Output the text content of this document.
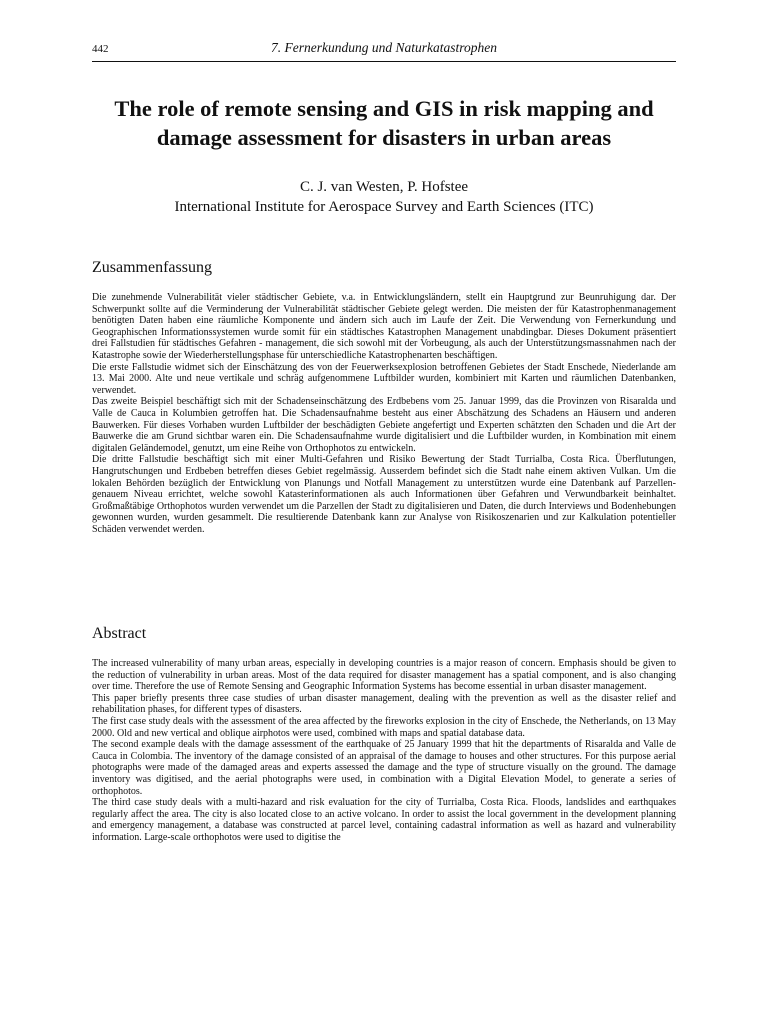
442	7. Fernerkundung und Naturkatastrophen
The role of remote sensing and GIS in risk mapping and damage assessment for disasters in urban areas
C. J. van Westen, P. Hofstee
International Institute for Aerospace Survey and Earth Sciences (ITC)
Zusammenfassung

Die zunehmende Vulnerabilität vieler städtischer Gebiete, v.a. in Entwicklungsländern, stellt ein Hauptgrund zur Beunruhigung dar. Der Schwerpunkt sollte auf die Verminderung der Vulnerabilität städtischer Gebiete gelegt werden. Die meisten der für Katastrophenmanagement benötigten Daten haben eine räumliche Komponente und ändern sich auch im Laufe der Zeit. Die Verwendung von Fernerkundung und Geographischen Informationssystemen wurde somit für ein städtisches Katastrophen Management unabdingbar. Dieses Dokument präsentiert drei Fallstudien für städtisches Gefahren - management, die sich sowohl mit der Vorbeugung, als auch der Unterstützungsmassnahmen nach der Katastrophe sowie der Wiederherstellungsphase für unterschiedliche Katastrophenarten beschäftigen.

Die erste Fallstudie widmet sich der Einschätzung des von der Feuerwerksexplosion betroffenen Gebietes der Stadt Enschede, Niederlande am 13. Mai 2000. Alte und neue vertikale und schräg aufgenommene Luftbilder wurden, kombiniert mit Karten und räumlichen Datenbanken, verwendet.

Das zweite Beispiel beschäftigt sich mit der Schadenseinschätzung des Erdbebens vom 25. Januar 1999, das die Provinzen von Risaralda und Valle de Cauca in Kolumbien getroffen hat. Die Schadensaufnahme besteht aus einer Abschätzung des Schadens an Häusern und anderen Bauwerken. Für dieses Vorhaben wurden Luftbilder der beschädigten Gebiete angefertigt und Experten schätzten den Schaden und die Art der Bauwerke die am Grund sichtbar waren ein. Die Schadensaufnahme wurde digitalisiert und die Luftbilder wurden, in Kombination mit einem digitalen Geländemodel, genutzt, um eine Reihe von Orthophotos zu entwickeln.

Die dritte Fallstudie beschäftigt sich mit einer Multi-Gefahren und Risiko Bewertung der Stadt Turrialba, Costa Rica. Überflutungen, Hangrutschungen und Erdbeben betreffen dieses Gebiet regelmässig. Ausserdem befindet sich die Stadt nahe einem aktiven Vulkan. Um die lokalen Behörden bezüglich der Entwicklung von Planungs und Notfall Management zu unterstützen wurde eine Datenbank auf Parzellen-genauem Niveau errichtet, welche sowohl Katasterinformationen als auch Informationen über Gefahren und Verwundbarkeit beinhaltet. Großmaßtäbige Orthophotos wurden verwendet um die Parzellen der Stadt zu digitalisieren und Daten, die durch Interviews und Bodenhebungen gewonnen wurden, wurden gesammelt. Die resultierende Datenbank kann zur Analyse von Risikoszenarien und zur Kalkulation potentieller Schäden verwendet werden.

Abstract

The increased vulnerability of many urban areas, especially in developing countries is a major reason of concern. Emphasis should be given to the reduction of vulnerability in urban areas. Most of the data required for disaster management has a spatial component, and is also changing over time. Therefore the use of Remote Sensing and Geographic Information Systems has become essential in urban disaster management.

This paper briefly presents three case studies of urban disaster management, dealing with the prevention as well as the disaster relief and rehabilitation phases, for different types of disasters.

The first case study deals with the assessment of the area affected by the fireworks explosion in the city of Enschede, the Netherlands, on 13 May 2000. Old and new vertical and oblique airphotos were used, combined with maps and spatial database data.

The second example deals with the damage assessment of the earthquake of 25 January 1999 that hit the departments of Risaralda and Valle de Cauca in Colombia. The inventory of the damage consisted of an appraisal of the damage to houses and other structures. For this purpose aerial photographs were made of the damaged areas and experts assessed the damage and the type of structure visually on the ground. The damage inventory was digitised, and the aerial photographs were used, in combination with a Digital Elevation Model, to generate a series of orthophotos.

The third case study deals with a multi-hazard and risk evaluation for the city of Turrialba, Costa Rica. Floods, landslides and earthquakes regularly affect the area. The city is also located close to an active volcano. In order to assist the local government in the development planning and emergency management, a database was constructed at parcel level, containing cadastral information as well as hazard and vulnerability information. Large-scale orthophotos were used to digitise the
